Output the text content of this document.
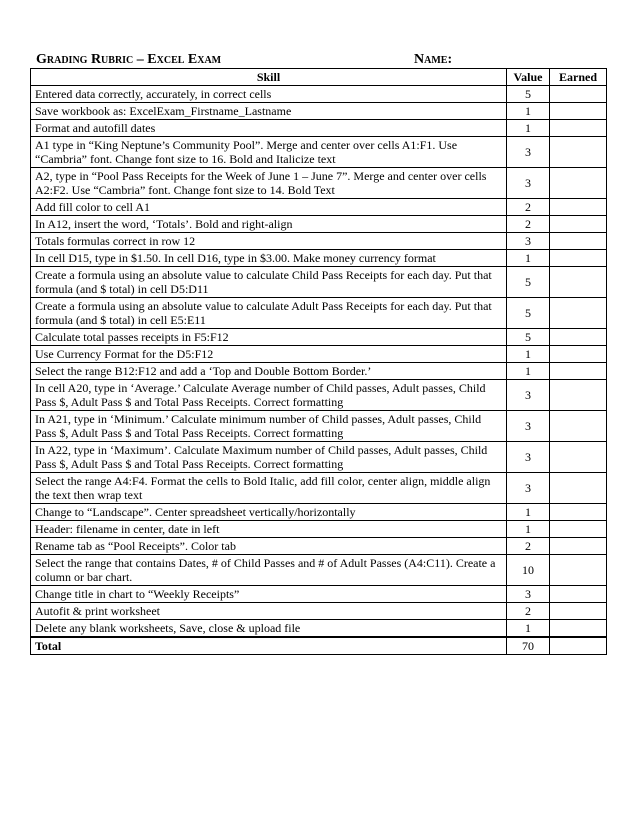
Grading Rubric – Excel Exam	Name:
Skill	Value	Earned
Entered data correctly, accurately, in correct cells	5	
Save workbook as: ExcelExam_Firstname_Lastname	1	
Format and autofill dates	1	
A1 type in “King Neptune’s Community Pool”. Merge and center over cells A1:F1. Use “Cambria” font. Change font size to 16. Bold and Italicize text	3	
A2, type in “Pool Pass Receipts for the Week of June 1 – June 7”. Merge and center over cells A2:F2. Use “Cambria” font. Change font size to 14. Bold Text	3	
Add fill color to cell A1	2	
In A12, insert the word, ‘Totals’. Bold and right-align	2	
Totals formulas correct in row 12	3	
In cell D15, type in $1.50. In cell D16, type in $3.00. Make money currency format	1	
Create a formula using an absolute value to calculate Child Pass Receipts for each day. Put that formula (and $ total) in cell D5:D11	5	
Create a formula using an absolute value to calculate Adult Pass Receipts for each day. Put that formula (and $ total) in cell E5:E11	5	
Calculate total passes receipts in F5:F12	5	
Use Currency Format for the D5:F12	1	
Select the range B12:F12 and add a ‘Top and Double Bottom Border.’	1	
In cell A20, type in ‘Average.’ Calculate Average number of Child passes, Adult passes, Child Pass $, Adult Pass $ and Total Pass Receipts. Correct formatting	3	
In A21, type in ‘Minimum.’ Calculate minimum number of Child passes, Adult passes, Child Pass $, Adult Pass $ and Total Pass Receipts. Correct formatting	3	
In A22, type in ‘Maximum’. Calculate Maximum number of Child passes, Adult passes, Child Pass $, Adult Pass $ and Total Pass Receipts. Correct formatting	3	
Select the range A4:F4. Format the cells to Bold Italic, add fill color, center align, middle align the text then wrap text	3	
Change to “Landscape”. Center spreadsheet vertically/horizontally	1	
Header: filename in center, date in left	1	
Rename tab as “Pool Receipts”. Color tab	2	
Select the range that contains Dates, # of Child Passes and # of Adult Passes (A4:C11). Create a column or bar chart.	10	
Change title in chart to “Weekly Receipts”	3	
Autofit & print worksheet	2	
Delete any blank worksheets, Save, close & upload file	1	
Total	70	
